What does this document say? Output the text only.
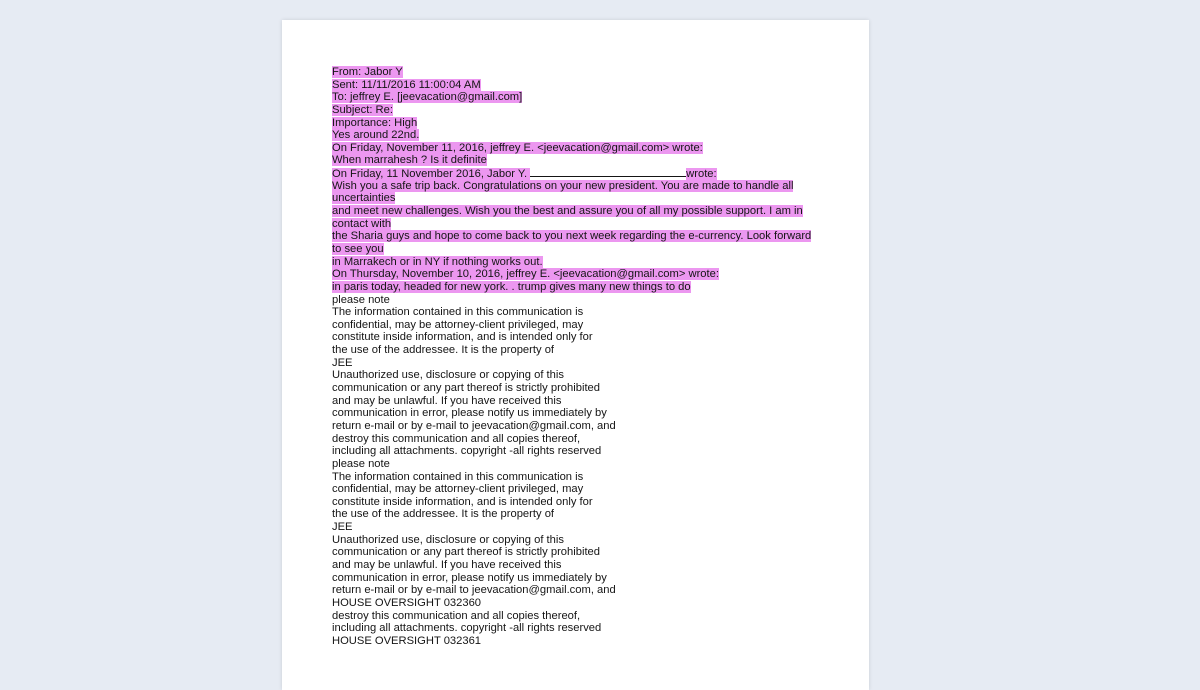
From: Jabor Y
Sent: 11/11/2016 11:00:04 AM
To: jeffrey E. [jeevacation@gmail.com]
Subject: Re:
Importance: High
Yes around 22nd.
On Friday, November 11, 2016, jeffrey E. <jeevacation@gmail.com> wrote:
When marrahesh ? Is it definite
On Friday, 11 November 2016, Jabor Y.	wrote:
Wish you a safe trip back. Congratulations on your new president. You are made to handle all
uncertainties
and meet new challenges. Wish you the best and assure you of all my possible support. I am in
contact with
the Sharia guys and hope to come back to you next week regarding the e-currency. Look forward
to see you
in Marrakech or in NY if nothing works out.
On Thursday, November 10, 2016, jeffrey E. <jeevacation@gmail.com> wrote:
in paris today, headed for new york. . trump gives many new things to do
please note
The information contained in this communication is
confidential, may be attorney-client privileged, may
constitute inside information, and is intended only for
the use of the addressee. It is the property of
JEE
Unauthorized use, disclosure or copying of this
communication or any part thereof is strictly prohibited
and may be unlawful. If you have received this
communication in error, please notify us immediately by
return e-mail or by e-mail to jeevacation@gmail.com, and
destroy this communication and all copies thereof,
including all attachments. copyright -all rights reserved
please note
The information contained in this communication is
confidential, may be attorney-client privileged, may
constitute inside information, and is intended only for
the use of the addressee. It is the property of
JEE
Unauthorized use, disclosure or copying of this
communication or any part thereof is strictly prohibited
and may be unlawful. If you have received this
communication in error, please notify us immediately by
return e-mail or by e-mail to jeevacation@gmail.com, and
HOUSE OVERSIGHT 032360
destroy this communication and all copies thereof,
including all attachments. copyright -all rights reserved
HOUSE OVERSIGHT 032361
